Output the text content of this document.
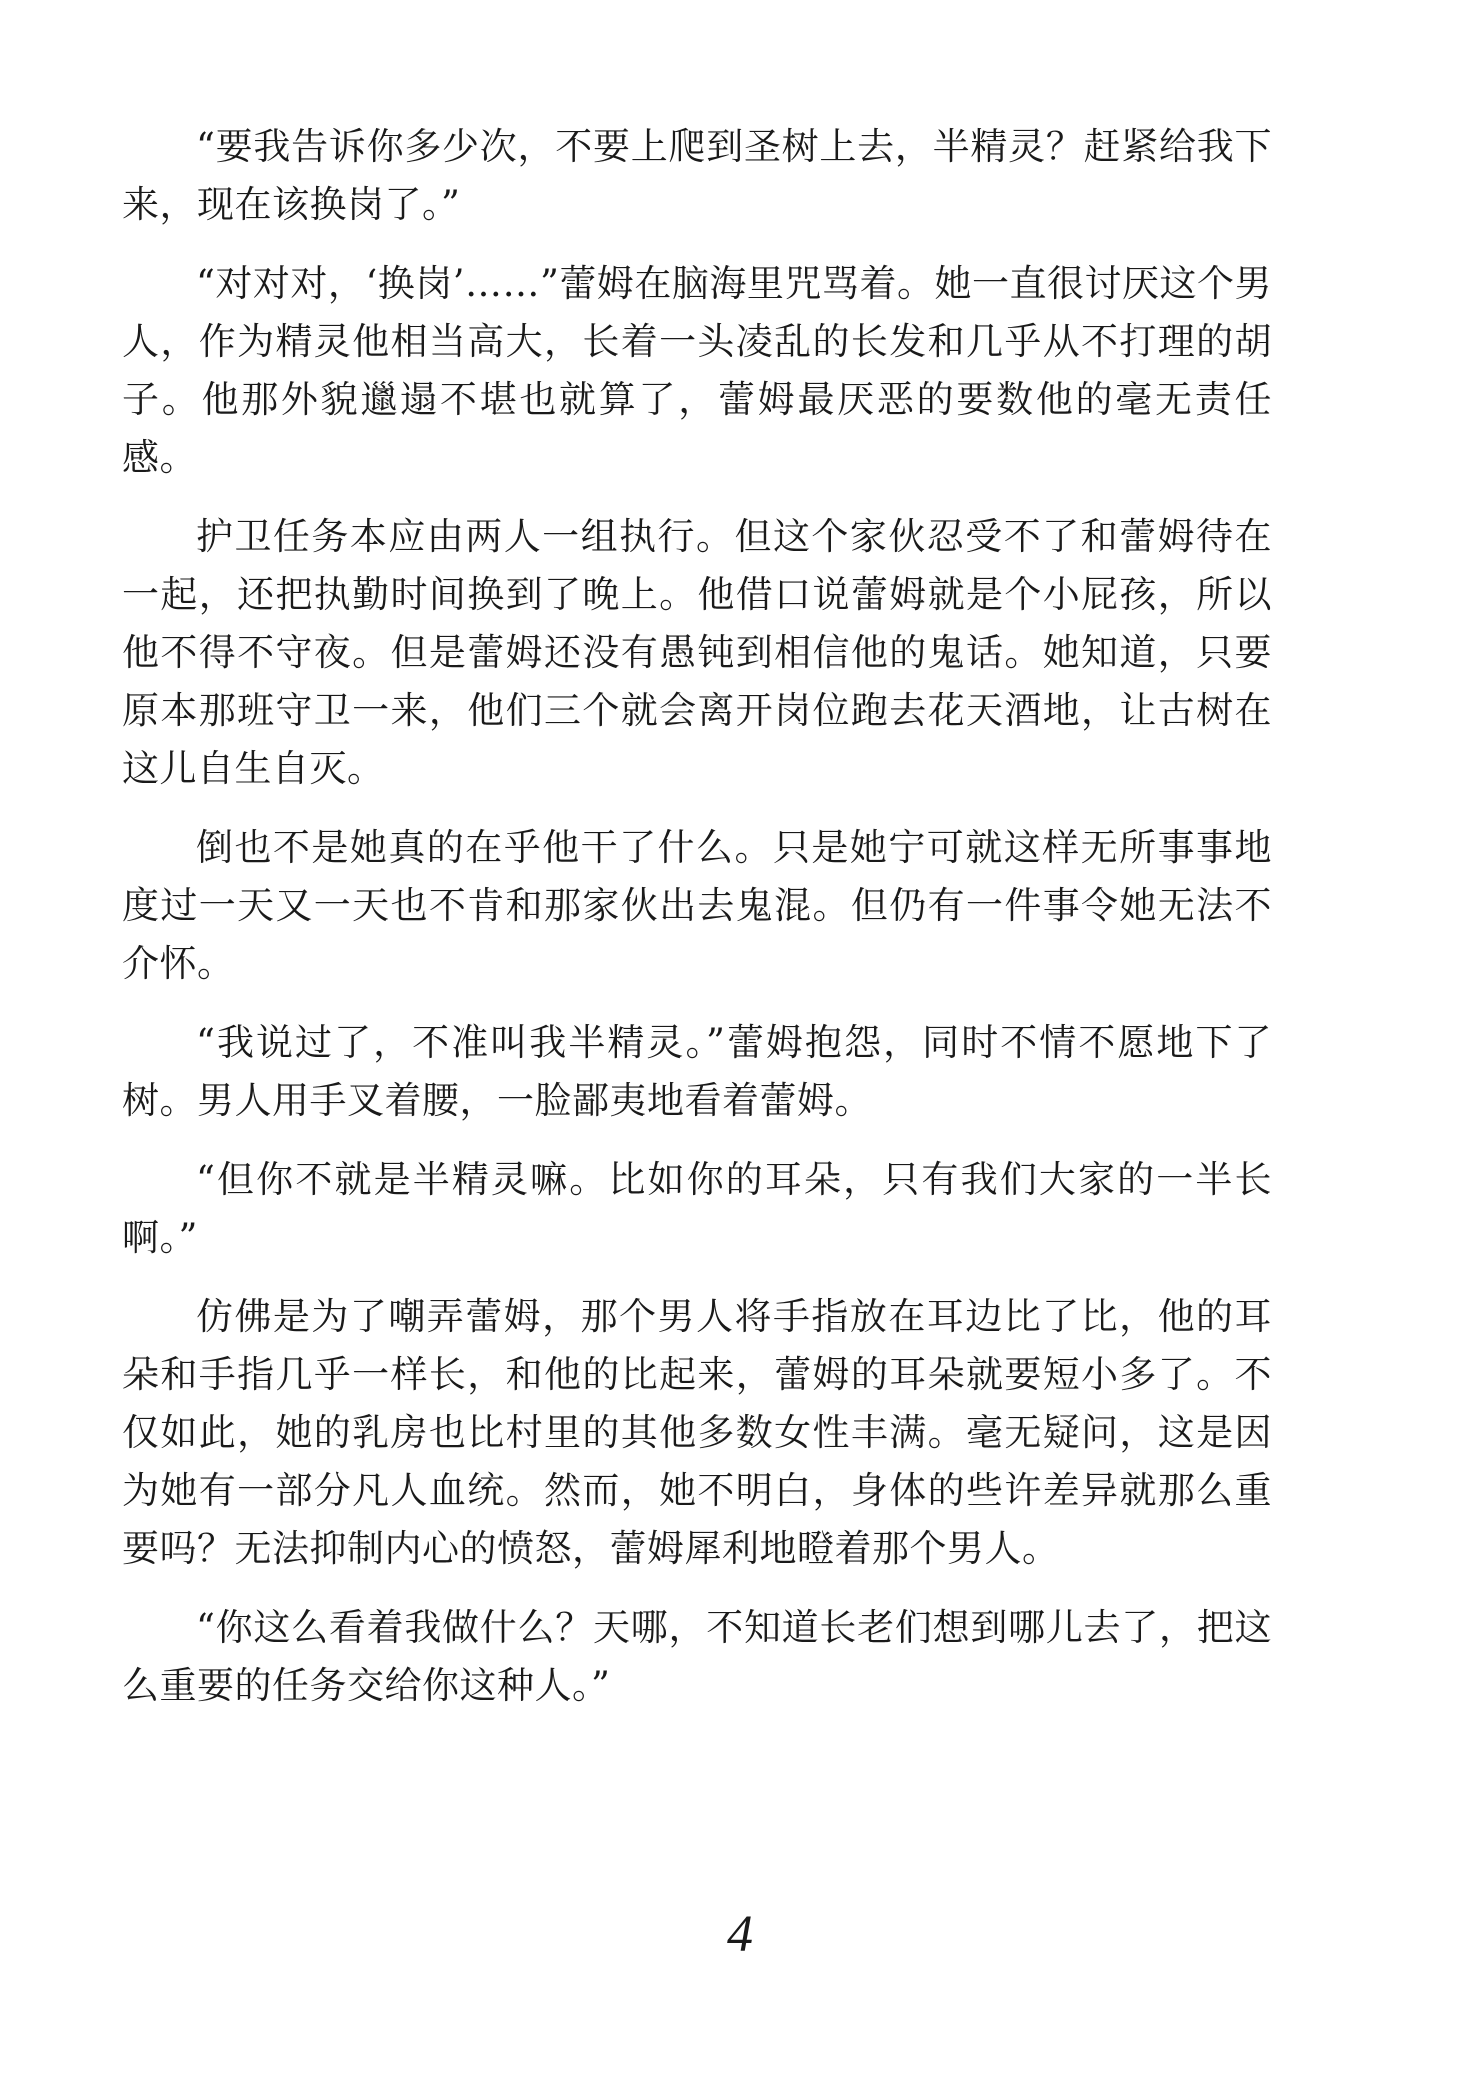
“要我告诉你多少次，不要上爬到圣树上去，半精灵？赶紧给我下来，现在该换岗了。”

“对对对，‘换岗’……”蕾姆在脑海里咒骂着。她一直很讨厌这个男人，作为精灵他相当高大，长着一头凌乱的长发和几乎从不打理的胡子。他那外貌邋遢不堪也就算了，蕾姆最厌恶的要数他的毫无责任感。

护卫任务本应由两人一组执行。但这个家伙忍受不了和蕾姆待在一起，还把执勤时间换到了晚上。他借口说蕾姆就是个小屁孩，所以他不得不守夜。但是蕾姆还没有愚钝到相信他的鬼话。她知道，只要原本那班守卫一来，他们三个就会离开岗位跑去花天酒地，让古树在这儿自生自灭。

倒也不是她真的在乎他干了什么。只是她宁可就这样无所事事地度过一天又一天也不肯和那家伙出去鬼混。但仍有一件事令她无法不介怀。

“我说过了，不准叫我半精灵。”蕾姆抱怨，同时不情不愿地下了树。男人用手叉着腰，一脸鄙夷地看着蕾姆。

“但你不就是半精灵嘛。比如你的耳朵，只有我们大家的一半长啊。”

仿佛是为了嘲弄蕾姆，那个男人将手指放在耳边比了比，他的耳朵和手指几乎一样长，和他的比起来，蕾姆的耳朵就要短小多了。不仅如此，她的乳房也比村里的其他多数女性丰满。毫无疑问，这是因为她有一部分凡人血统。然而，她不明白，身体的些许差异就那么重要吗？无法抑制内心的愤怒，蕾姆犀利地瞪着那个男人。

“你这么看着我做什么？天哪，不知道长老们想到哪儿去了，把这么重要的任务交给你这种人。”

4
